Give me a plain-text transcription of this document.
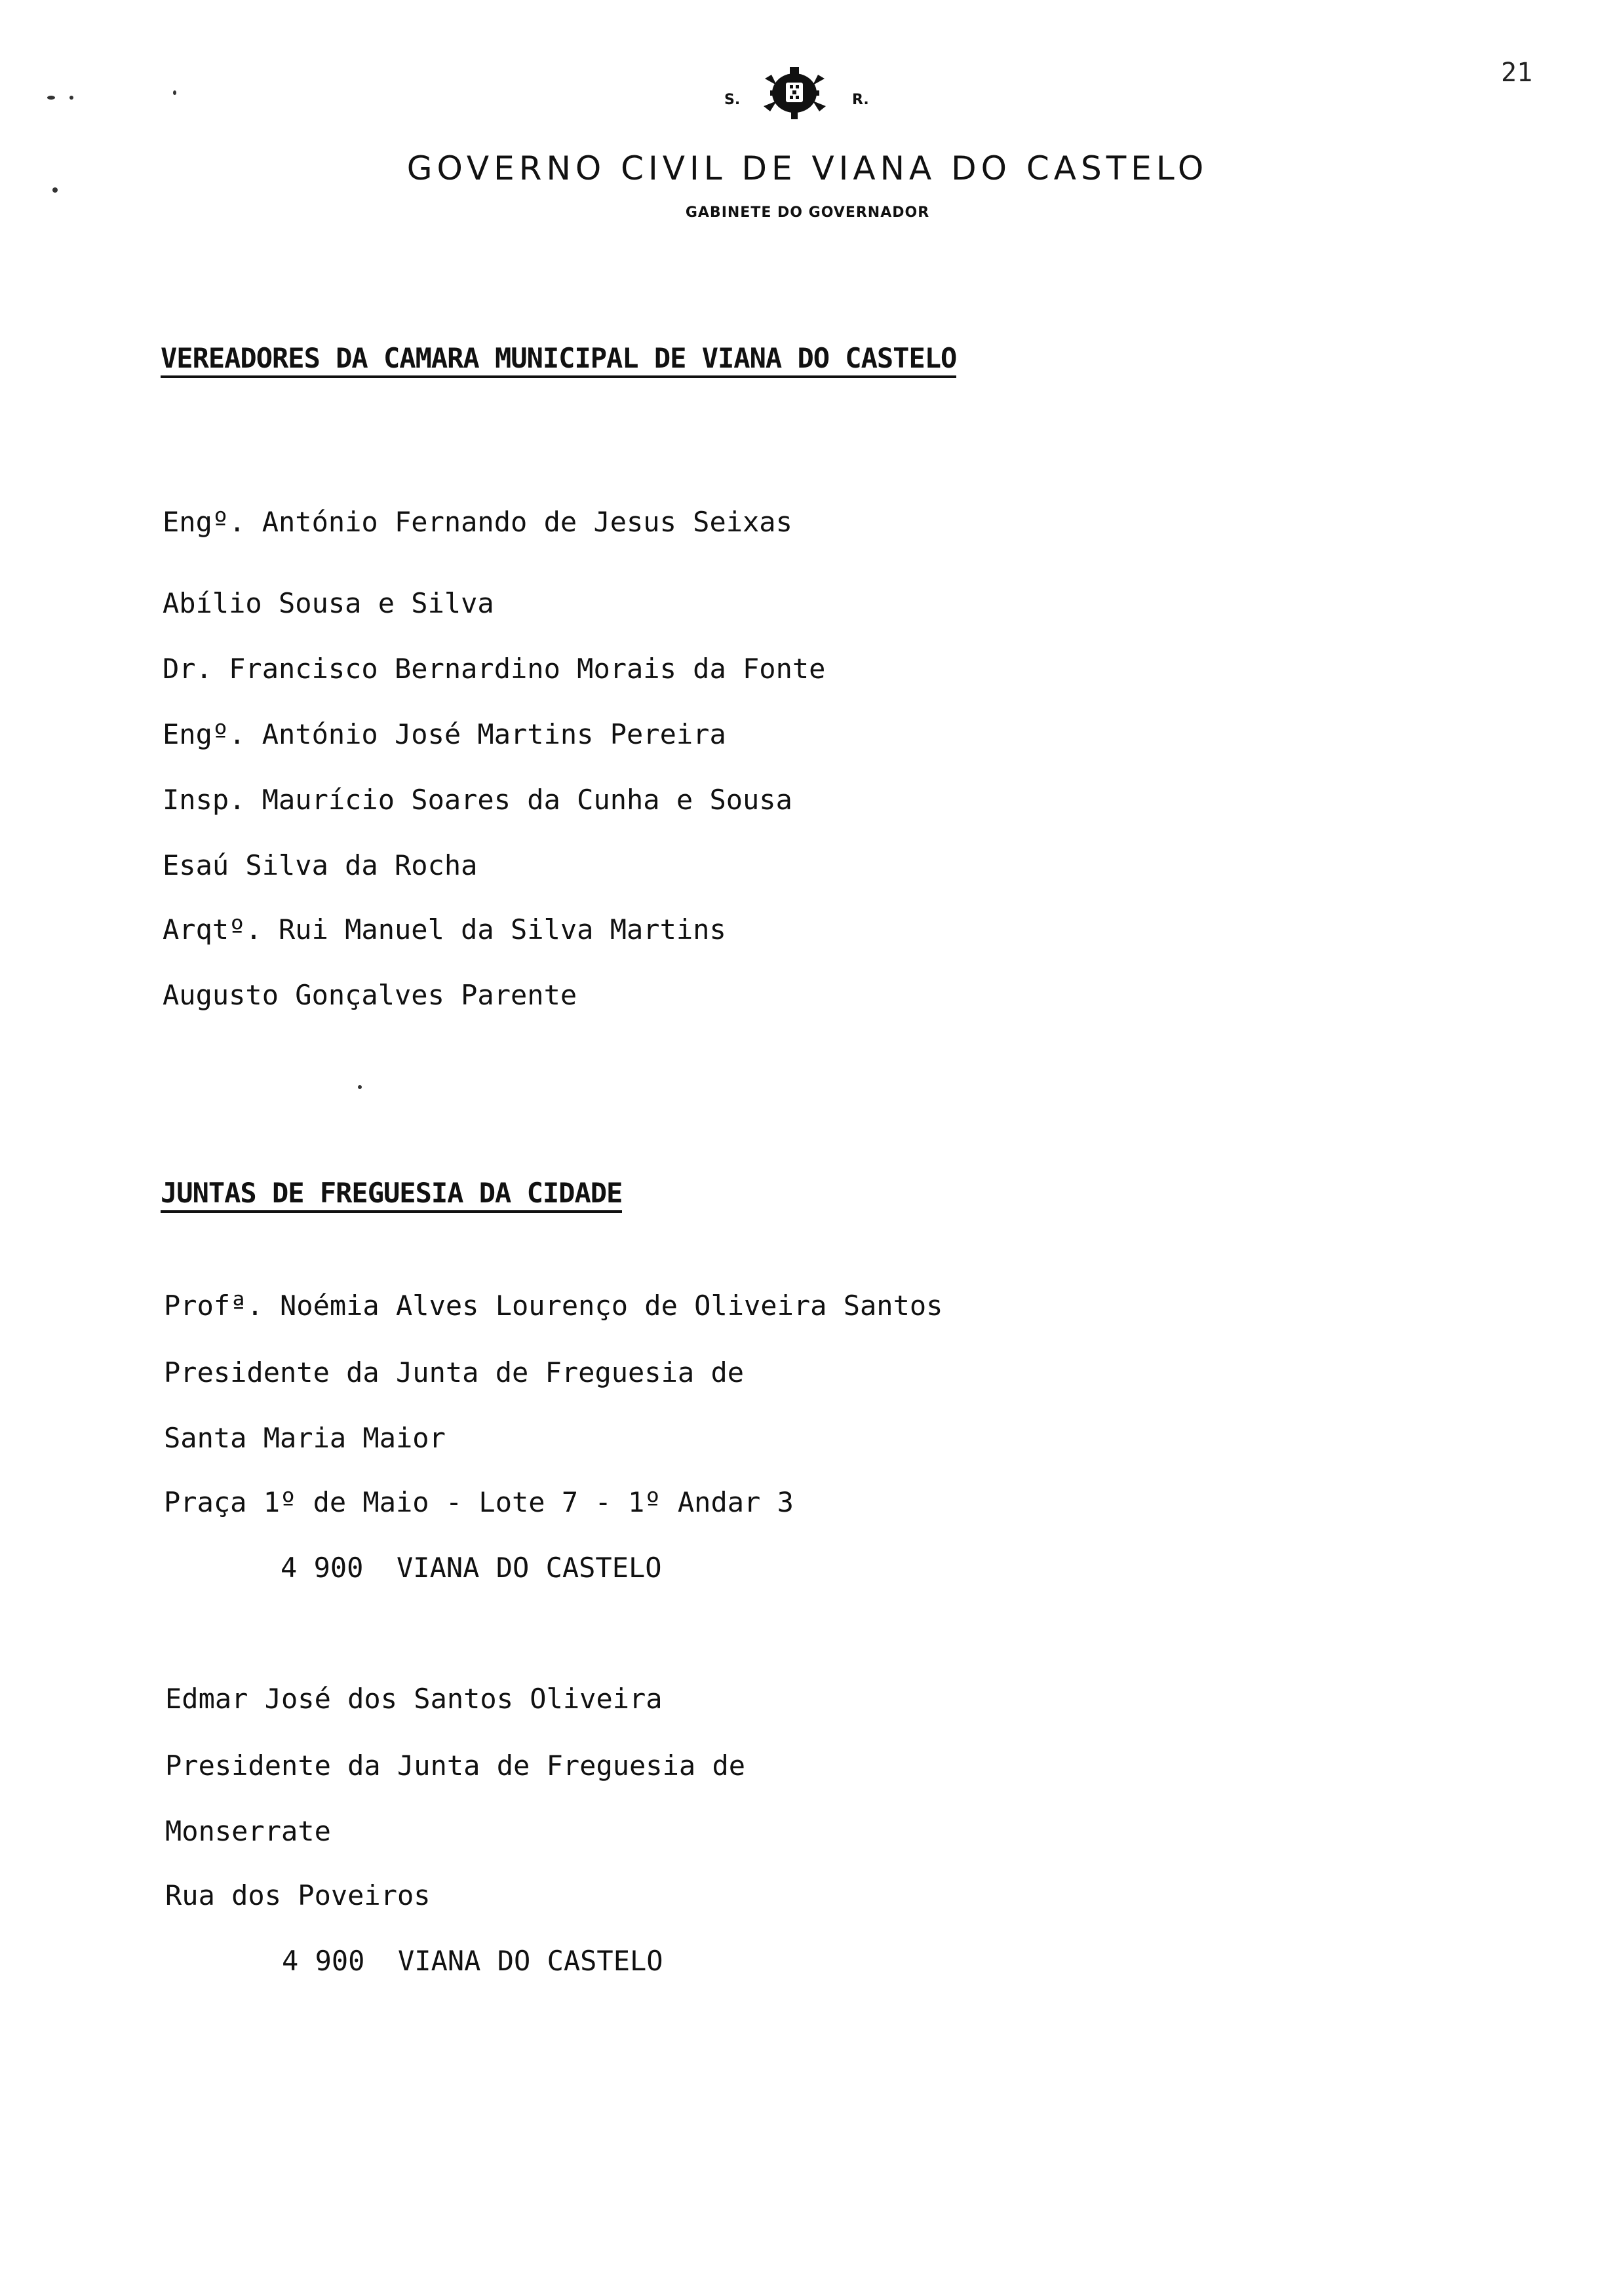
21
S.	R.
GOVERNO CIVIL DE VIANA DO CASTELO
GABINETE DO GOVERNADOR
VEREADORES DA CAMARA MUNICIPAL DE VIANA DO CASTELO
Engº. António Fernando de Jesus Seixas
Abílio Sousa e Silva
Dr. Francisco Bernardino Morais da Fonte
Engº. António José Martins Pereira
Insp. Maurício Soares da Cunha e Sousa
Esaú Silva da Rocha
Arqtº. Rui Manuel da Silva Martins
Augusto Gonçalves Parente
JUNTAS DE FREGUESIA DA CIDADE
Profª. Noémia Alves Lourenço de Oliveira Santos
Presidente da Junta de Freguesia de
Santa Maria Maior
Praça 1º de Maio - Lote 7 - 1º Andar 3
4 900  VIANA DO CASTELO
Edmar José dos Santos Oliveira
Presidente da Junta de Freguesia de
Monserrate
Rua dos Poveiros
4 900  VIANA DO CASTELO
